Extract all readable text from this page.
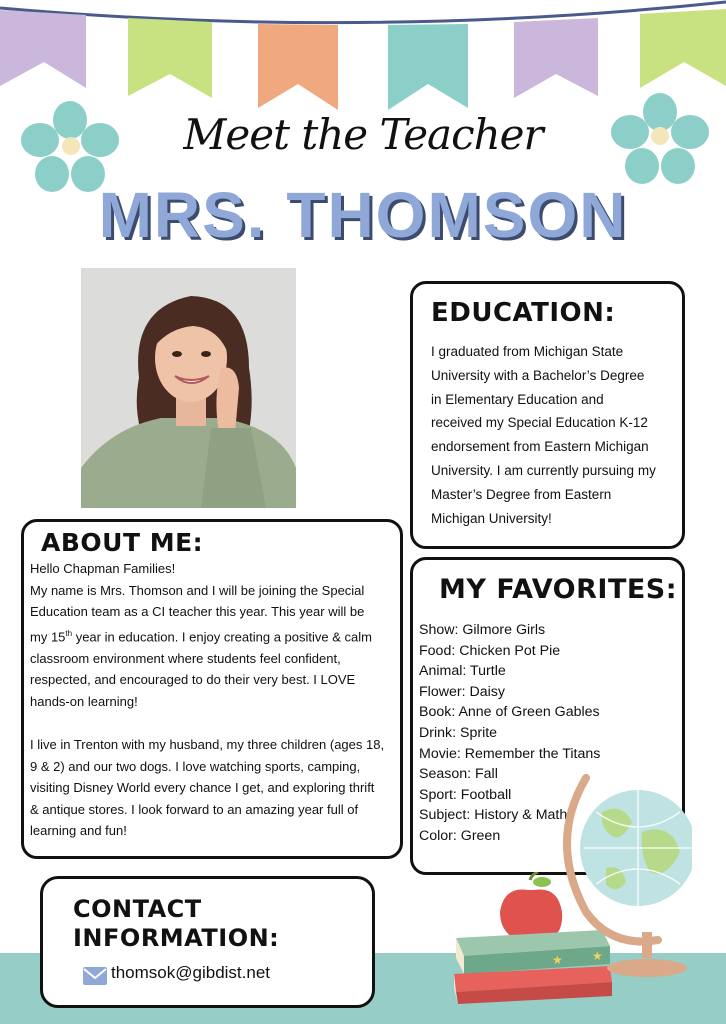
Meet the Teacher
MRS. THOMSON
EDUCATION:
I graduated from Michigan State
University with a Bachelor’s Degree
in Elementary Education and
received my Special Education K-12
endorsement from Eastern Michigan
University. I am currently pursuing my
Master’s Degree from Eastern
Michigan University!
ABOUT ME:

Hello Chapman Families!

My name is Mrs. Thomson and I will be joining the Special

Education team as a CI teacher this year. This year will be

my 15th year in education. I enjoy creating a positive & calm

classroom environment where students feel confident,

respected, and encouraged to do their very best. I LOVE

hands-on learning!

I live in Trenton with my husband, my three children (ages 18,

9 & 2) and our two dogs. I love watching sports, camping,

visiting Disney World every chance I get, and exploring thrift

& antique stores. I look forward to an amazing year full of

learning and fun!

MY FAVORITES:
Show: Gilmore Girls
Food: Chicken Pot Pie
Animal: Turtle
Flower: Daisy
Book: Anne of Green Gables
Drink: Sprite
Movie: Remember the Titans
Season: Fall
Sport: Football
Subject: History & Math
Color: Green
CONTACT
INFORMATION:
thomsok@gibdist.net
★ ★
